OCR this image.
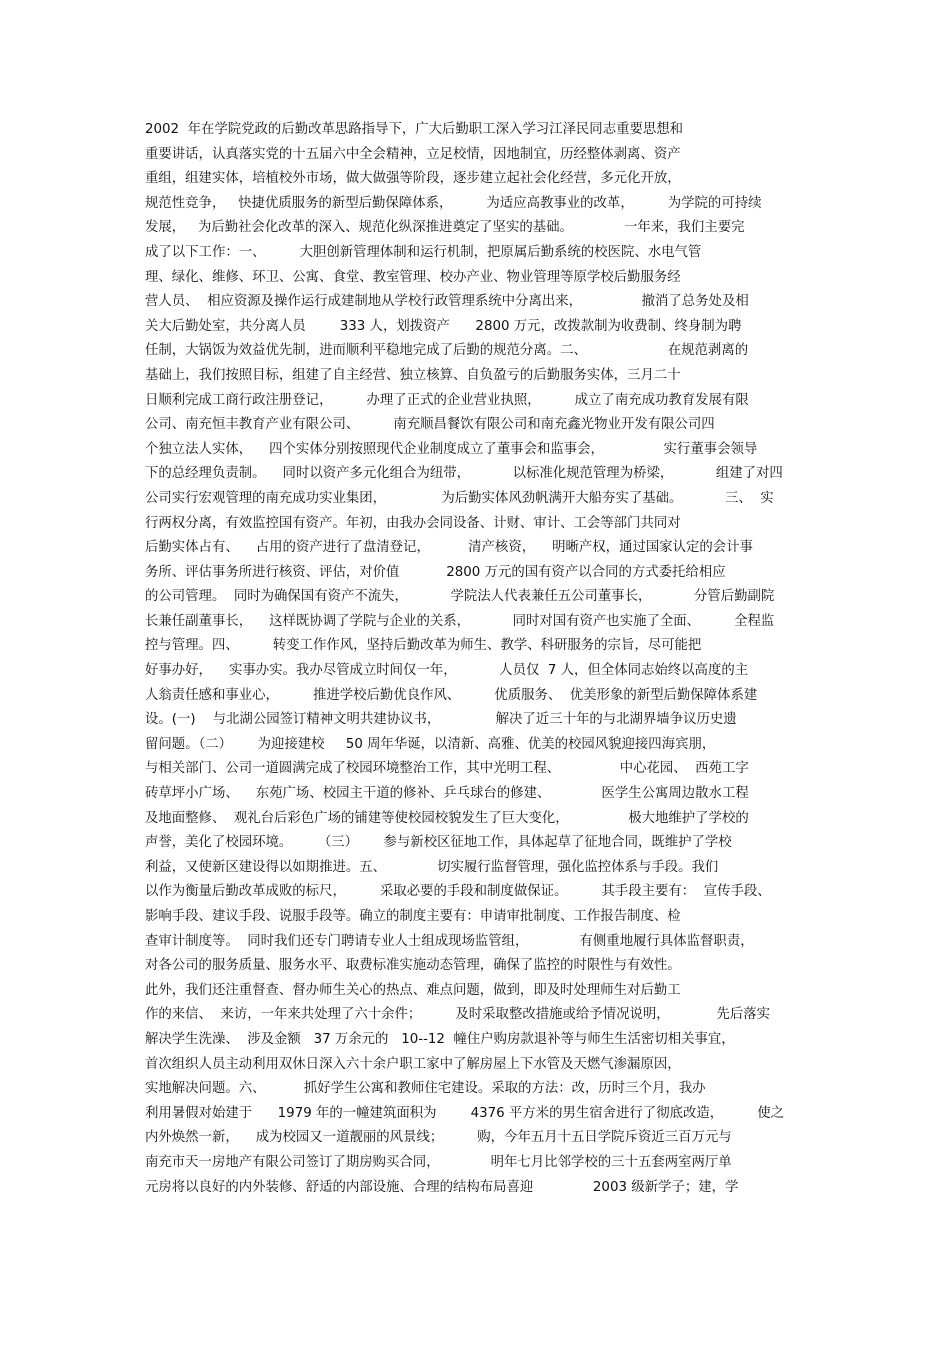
2002  年在学院党政的后勤改革思路指导下，广大后勤职工深入学习江泽民同志重要思想和
重要讲话，认真落实党的十五届六中全会精神，立足校情，因地制宜，历经整体剥离、资产
重组，组建实体，培植校外市场，做大做强等阶段，逐步建立起社会化经营，多元化开放，
规范性竞争，   快捷优质服务的新型后勤保障体系，        为适应高教事业的改革，        为学院的可持续
发展，   为后勤社会化改革的深入、规范化纵深推进奠定了坚实的基础。            一年来，我们主要完
成了以下工作：一、        大胆创新管理体制和运行机制，把原属后勤系统的校医院、水电气管
理、绿化、维修、环卫、公寓、食堂、教室管理、校办产业、物业管理等原学校后勤服务经
营人员、  相应资源及操作运行成建制地从学校行政管理系统中分离出来，              撤消了总务处及相
关大后勤处室，共分离人员        333 人，划拨资产      2800 万元，改拨款制为收费制、终身制为聘
任制，大锅饭为效益优先制，进而顺利平稳地完成了后勤的规范分离。二、                   在规范剥离的
基础上，我们按照目标，组建了自主经营、独立核算、自负盈亏的后勤服务实体，三月二十
日顺利完成工商行政注册登记，        办理了正式的企业营业执照，        成立了南充成功教育发展有限
公司、南充恒丰教育产业有限公司、        南充顺昌餐饮有限公司和南充鑫光物业开发有限公司四
个独立法人实体，    四个实体分别按照现代企业制度成立了董事会和监事会，              实行董事会领导
下的总经理负责制。    同时以资产多元化组合为纽带，          以标准化规范管理为桥梁，          组建了对四
公司实行宏观管理的南充成功实业集团，             为后勤实体风劲帆满开大船夯实了基础。          三、  实
行两权分离，有效监控国有资产。年初，由我办会同设备、计财、审计、工会等部门共同对
后勤实体占有、    占用的资产进行了盘清登记，         清产核资，    明晰产权，通过国家认定的会计事
务所、评估事务所进行核资、评估，对价值           2800 万元的国有资产以合同的方式委托给相应
的公司管理。  同时为确保国有资产不流失，          学院法人代表兼任五公司董事长，          分管后勤副院
长兼任副董事长，    这样既协调了学院与企业的关系，          同时对国有资产也实施了全面、        全程监
控与管理。四、        转变工作作风，坚持后勤改革为师生、教学、科研服务的宗旨，尽可能把
好事办好，    实事办实。我办尽管成立时间仅一年，          人员仅  7 人，但全体同志始终以高度的主
人翁责任感和事业心，        推进学校后勤优良作风、        优质服务、  优美形象的新型后勤保障体系建
设。(一)    与北湖公园签订精神文明共建协议书，             解决了近三十年的与北湖界墙争议历史遗
留问题。（二）      为迎接建校     50 周年华诞，以清新、高雅、优美的校园风貌迎接四海宾朋，
与相关部门、公司一道圆满完成了校园环境整治工作，其中光明工程、              中心花园、  西苑工字
砖草坪小广场、    东苑广场、校园主干道的修补、乒乓球台的修建、            医学生公寓周边散水工程
及地面整修、  观礼台后彩色广场的铺建等使校园校貌发生了巨大变化，              极大地维护了学校的
声誉，美化了校园环境。      （三）      参与新校区征地工作，具体起草了征地合同，既维护了学校
利益，又使新区建设得以如期推进。五、            切实履行监督管理，强化监控体系与手段。我们
以作为衡量后勤改革成败的标尺，        采取必要的手段和制度做保证。        其手段主要有：  宣传手段、
影响手段、建议手段、说服手段等。确立的制度主要有：申请审批制度、工作报告制度、检
查审计制度等。  同时我们还专门聘请专业人士组成现场监管组，            有侧重地履行具体监督职责，
对各公司的服务质量、服务水平、取费标准实施动态管理，确保了监控的时限性与有效性。
此外，我们还注重督查、督办师生关心的热点、难点问题，做到，即及时处理师生对后勤工
作的来信、  来访，一年来共处理了六十余件；        及时采取整改措施或给予情况说明，           先后落实
解决学生洗澡、  涉及金额   37 万余元的   10--12  幢住户购房款退补等与师生生活密切相关事宜，
首次组织人员主动利用双休日深入六十余户职工家中了解房屋上下水管及天燃气渗漏原因，
实地解决问题。六、         抓好学生公寓和教师住宅建设。采取的方法：改，历时三个月，我办
利用暑假对始建于      1979 年的一幢建筑面积为        4376 平方米的男生宿舍进行了彻底改造，        使之
内外焕然一新，    成为校园又一道靓丽的风景线；        购，今年五月十五日学院斥资近三百万元与
南充市天一房地产有限公司签订了期房购买合同，            明年七月比邻学校的三十五套两室两厅单
元房将以良好的内外装修、舒适的内部设施、合理的结构布局喜迎              2003 级新学子；建，学
